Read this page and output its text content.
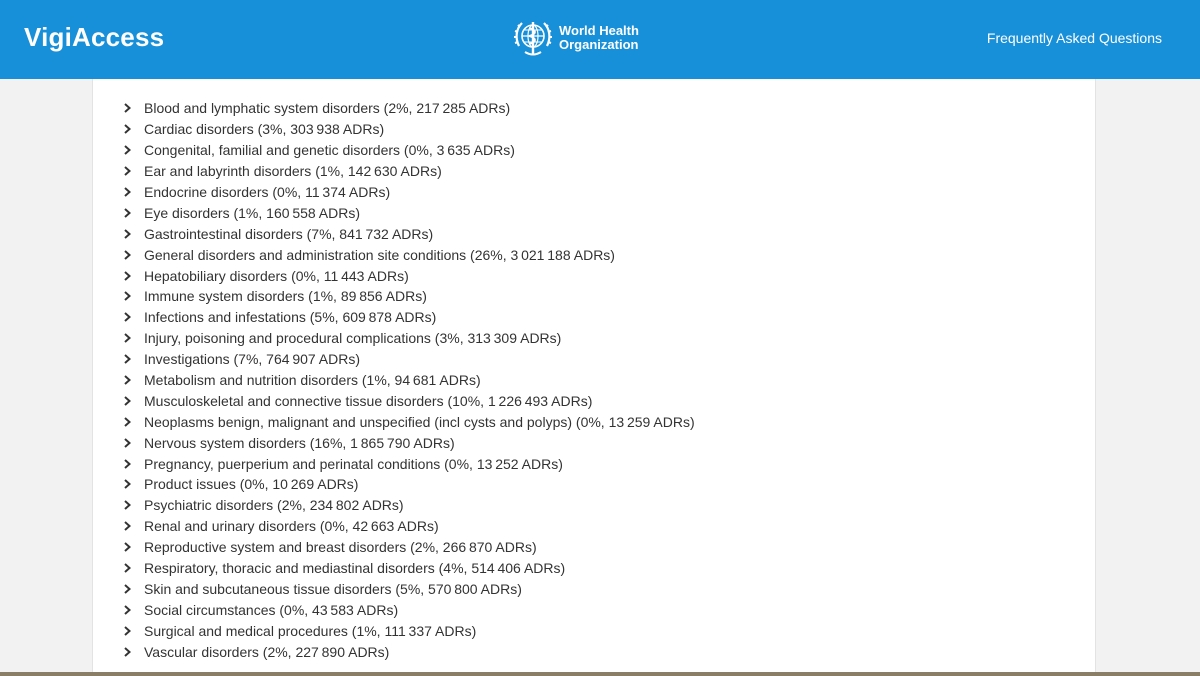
VigiAccess	World Health
Organization	Frequently Asked Questions
Blood and lymphatic system disorders (2%, 217 285 ADRs)
Cardiac disorders (3%, 303 938 ADRs)
Congenital, familial and genetic disorders (0%, 3 635 ADRs)
Ear and labyrinth disorders (1%, 142 630 ADRs)
Endocrine disorders (0%, 11 374 ADRs)
Eye disorders (1%, 160 558 ADRs)
Gastrointestinal disorders (7%, 841 732 ADRs)
General disorders and administration site conditions (26%, 3 021 188 ADRs)
Hepatobiliary disorders (0%, 11 443 ADRs)
Immune system disorders (1%, 89 856 ADRs)
Infections and infestations (5%, 609 878 ADRs)
Injury, poisoning and procedural complications (3%, 313 309 ADRs)
Investigations (7%, 764 907 ADRs)
Metabolism and nutrition disorders (1%, 94 681 ADRs)
Musculoskeletal and connective tissue disorders (10%, 1 226 493 ADRs)
Neoplasms benign, malignant and unspecified (incl cysts and polyps) (0%, 13 259 ADRs)
Nervous system disorders (16%, 1 865 790 ADRs)
Pregnancy, puerperium and perinatal conditions (0%, 13 252 ADRs)
Product issues (0%, 10 269 ADRs)
Psychiatric disorders (2%, 234 802 ADRs)
Renal and urinary disorders (0%, 42 663 ADRs)
Reproductive system and breast disorders (2%, 266 870 ADRs)
Respiratory, thoracic and mediastinal disorders (4%, 514 406 ADRs)
Skin and subcutaneous tissue disorders (5%, 570 800 ADRs)
Social circumstances (0%, 43 583 ADRs)
Surgical and medical procedures (1%, 111 337 ADRs)
Vascular disorders (2%, 227 890 ADRs)
